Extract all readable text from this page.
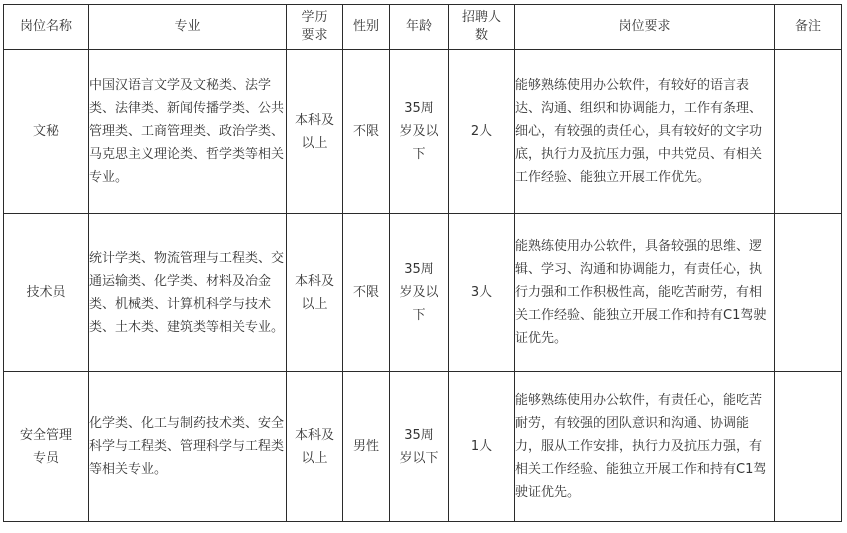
岗位名称	专业	学历要求	性别	年龄	招聘人数	岗位要求	备注
文秘	中国汉语言文学及文秘类、法学类、法律类、新闻传播学类、公共管理类、工商管理类、政治学类、马克思主义理论类、哲学类等相关专业。	本科及以上	不限	35周岁及以下	2人	能够熟练使用办公软件，有较好的语言表达、沟通、组织和协调能力，工作有条理、细心，有较强的责任心，具有较好的文字功底，执行力及抗压力强，中共党员、有相关工作经验、能独立开展工作优先。	
技术员	统计学类、物流管理与工程类、交通运输类、化学类、材料及冶金类、机械类、计算机科学与技术类、土木类、建筑类等相关专业。	本科及以上	不限	35周岁及以下	3人	能熟练使用办公软件，具备较强的思维、逻辑、学习、沟通和协调能力，有责任心，执行力强和工作积极性高，能吃苦耐劳，有相关工作经验、能独立开展工作和持有C1驾驶证优先。	

安全管理专员	化学类、化工与制药技术类、安全科学与工程类、管理科学与工程类等相关专业。	本科及以上	男性	35周岁以下	1人	能够熟练使用办公软件，有责任心，能吃苦耐劳，有较强的团队意识和沟通、协调能力，服从工作安排，执行力及抗压力强，有相关工作经验、能独立开展工作和持有C1驾驶证优先。	
